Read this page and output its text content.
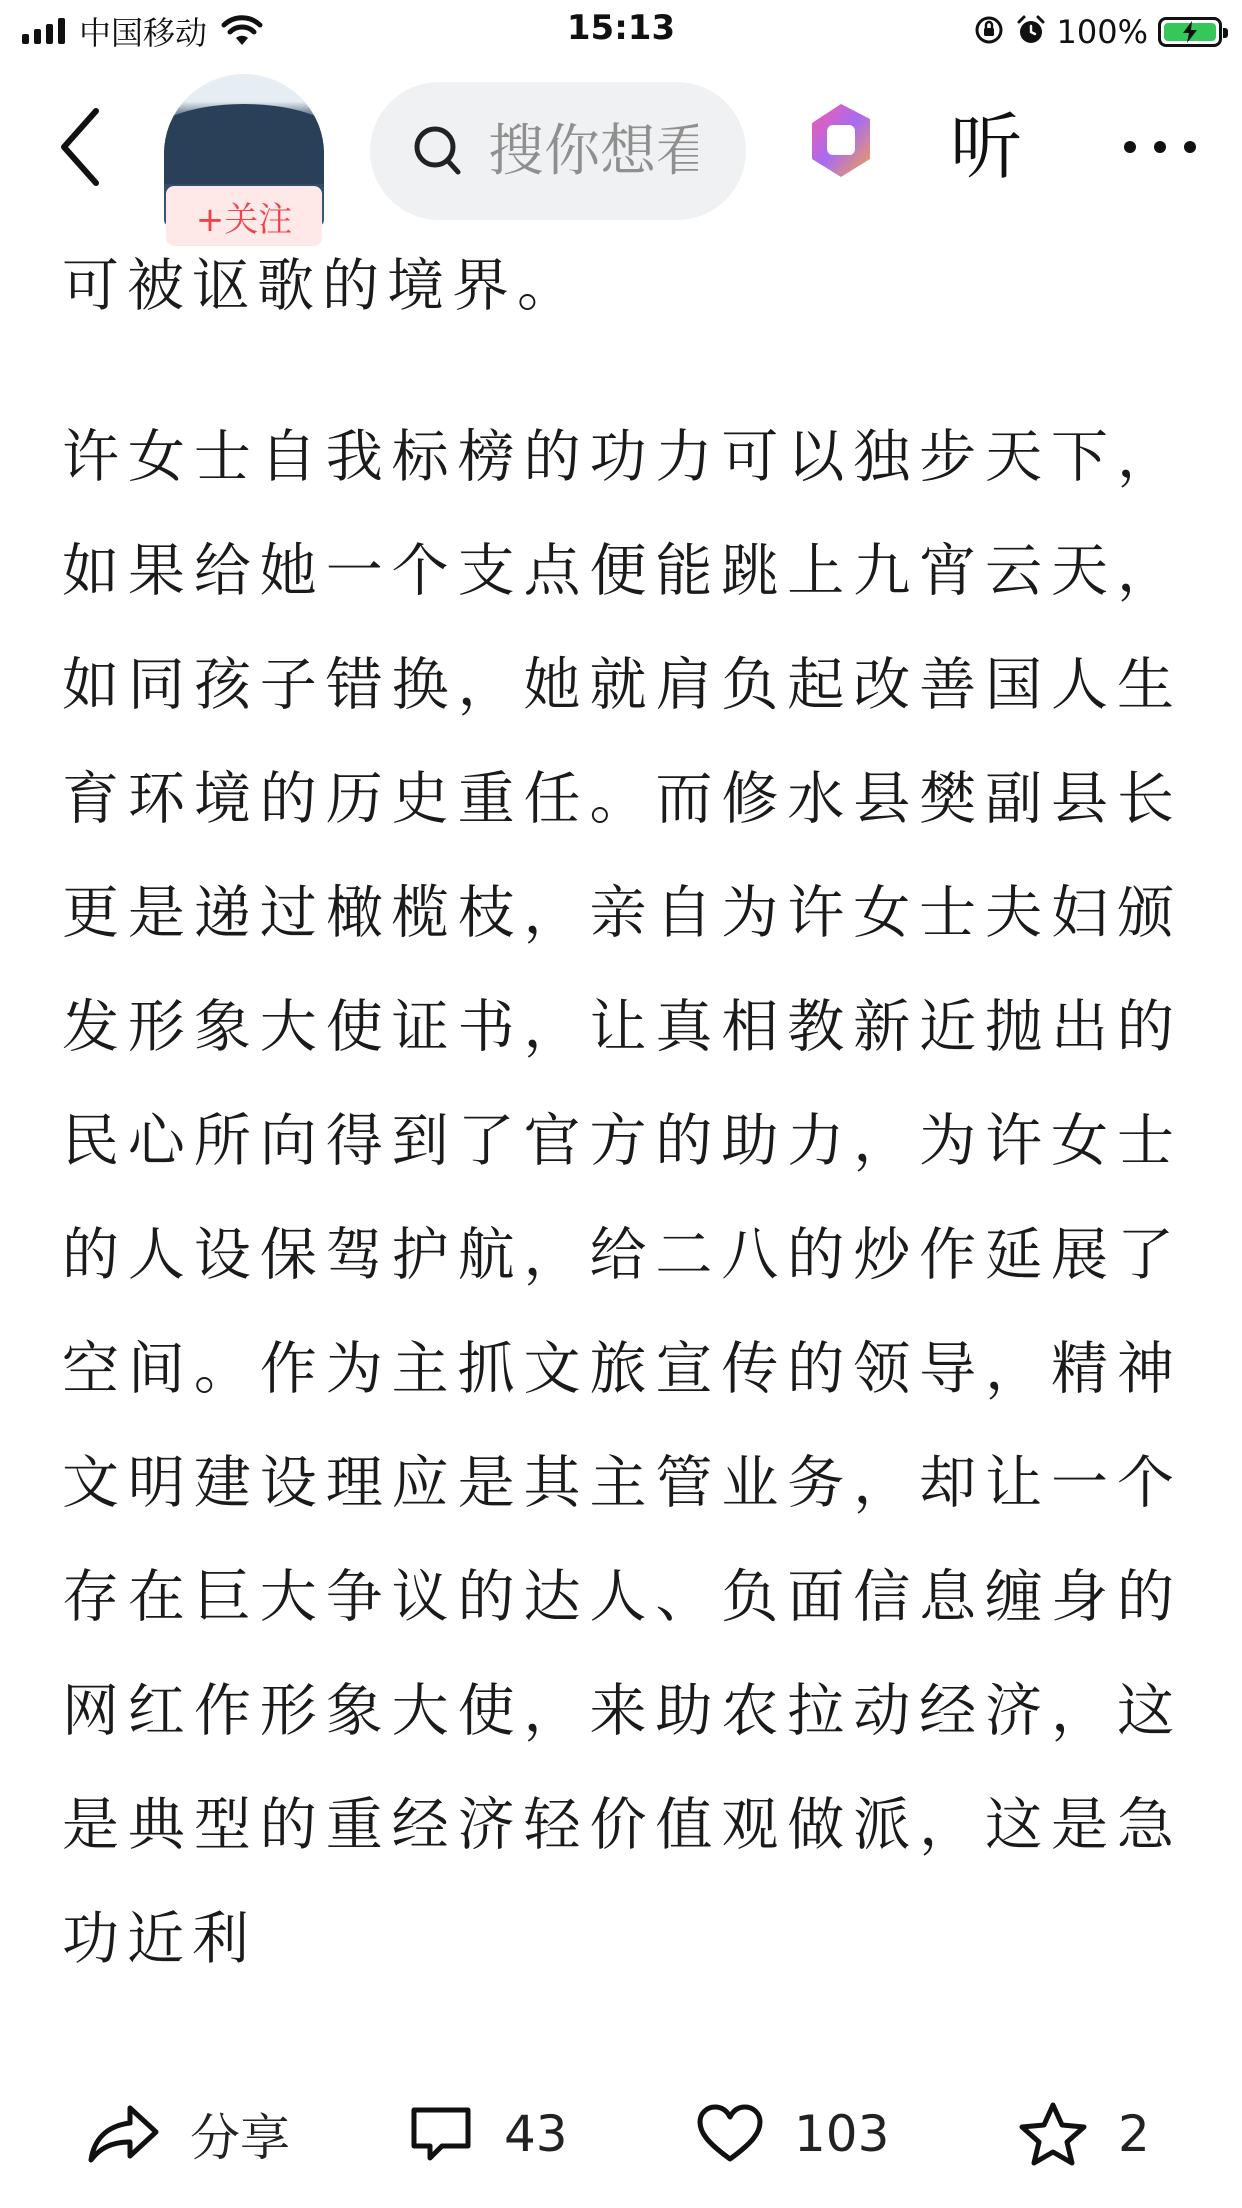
中国移动	15:13	100%
+关注
搜你想看
听

可被讴歌的境界。

许女士自我标榜的功力可以独步天下，如果给她一个支点便能跳上九宵云天，如同孩子错换，她就肩负起改善国人生育环境的历史重任。而修水县樊副县长更是递过橄榄枝，亲自为许女士夫妇颁发形象大使证书，让真相教新近抛出的民心所向得到了官方的助力，为许女士的人设保驾护航，给二八的炒作延展了空间。作为主抓文旅宣传的领导，精神文明建设理应是其主管业务，却让一个存在巨大争议的达人、负面信息缠身的网红作形象大使，来助农拉动经济，这是典型的重经济轻价值观做派，这是急功近利

分享	43	103	2
